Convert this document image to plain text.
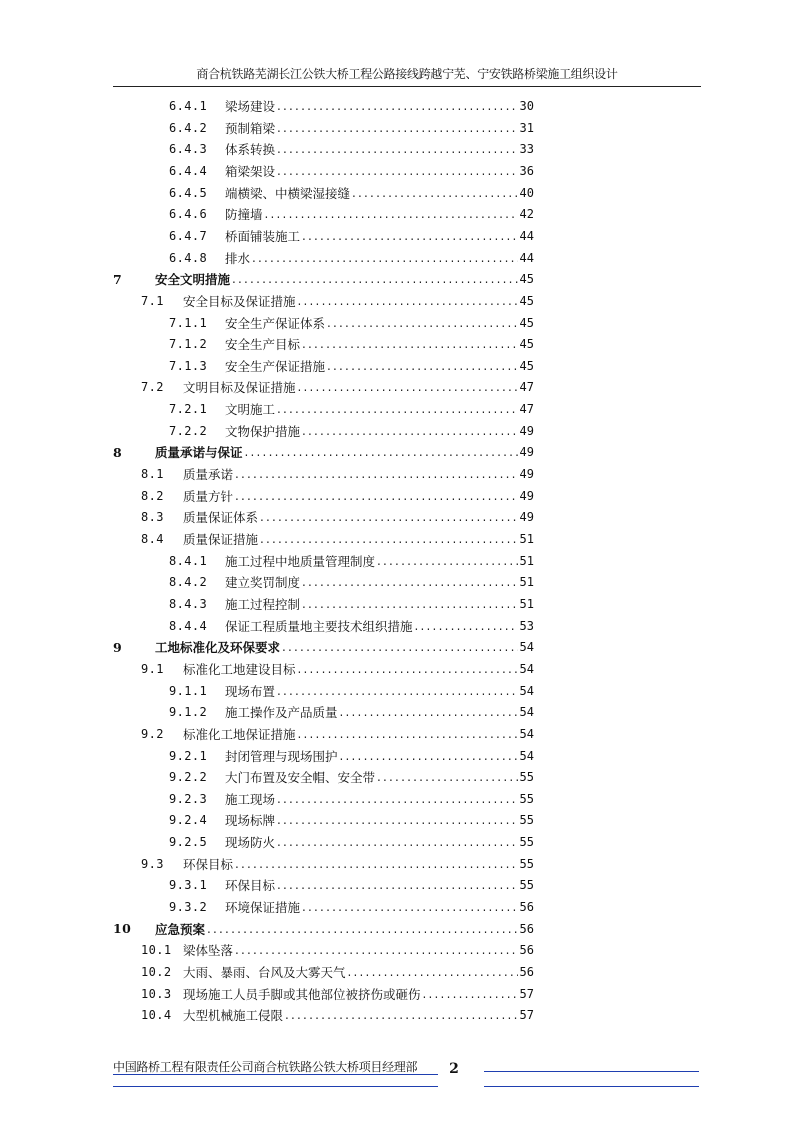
商合杭铁路芜湖长江公铁大桥工程公路接线跨越宁芜、宁安铁路桥梁施工组织设计
6.4.1	梁场建设 .....	30
6.4.2	预制箱梁 .....	31
6.4.3	体系转换 .....	33
6.4.4	箱梁架设 .....	36
6.4.5	端横梁、中横梁湿接缝 .....	40
6.4.6	防撞墙 .....	42
6.4.7	桥面铺装施工 .....	44
6.4.8	排水 .....	44
7	安全文明措施 .....	45
7.1	安全目标及保证措施 .....	45
7.1.1	安全生产保证体系 .....	45
7.1.2	安全生产目标 .....	45
7.1.3	安全生产保证措施 .....	45
7.2	文明目标及保证措施 .....	47
7.2.1	文明施工 .....	47
7.2.2	文物保护措施 .....	49
8	质量承诺与保证 .....	49
8.1	质量承诺 .....	49
8.2	质量方针 .....	49
8.3	质量保证体系 .....	49
8.4	质量保证措施 .....	51
8.4.1	施工过程中地质量管理制度 .....	51
8.4.2	建立奖罚制度 .....	51
8.4.3	施工过程控制 .....	51
8.4.4	保证工程质量地主要技术组织措施 .....	53
9	工地标准化及环保要求 .....	54
9.1	标准化工地建设目标 .....	54
9.1.1	现场布置 .....	54
9.1.2	施工操作及产品质量 .....	54
9.2	标准化工地保证措施 .....	54
9.2.1	封闭管理与现场围护 .....	54
9.2.2	大门布置及安全帽、安全带 .....	55
9.2.3	施工现场 .....	55
9.2.4	现场标牌 .....	55
9.2.5	现场防火 .....	55
9.3	环保目标 .....	55
9.3.1	环保目标 .....	55
9.3.2	环境保证措施 .....	56
10	应急预案 .....	56
10.1 梁体坠落 .....	56
10.2 大雨、暴雨、台风及大雾天气 .....	56
10.3 现场施工人员手脚或其他部位被挤伤或砸伤 .....	57
10.4 大型机械施工侵限 .....	57
中国路桥工程有限责任公司商合杭铁路公铁大桥项目经理部	2
